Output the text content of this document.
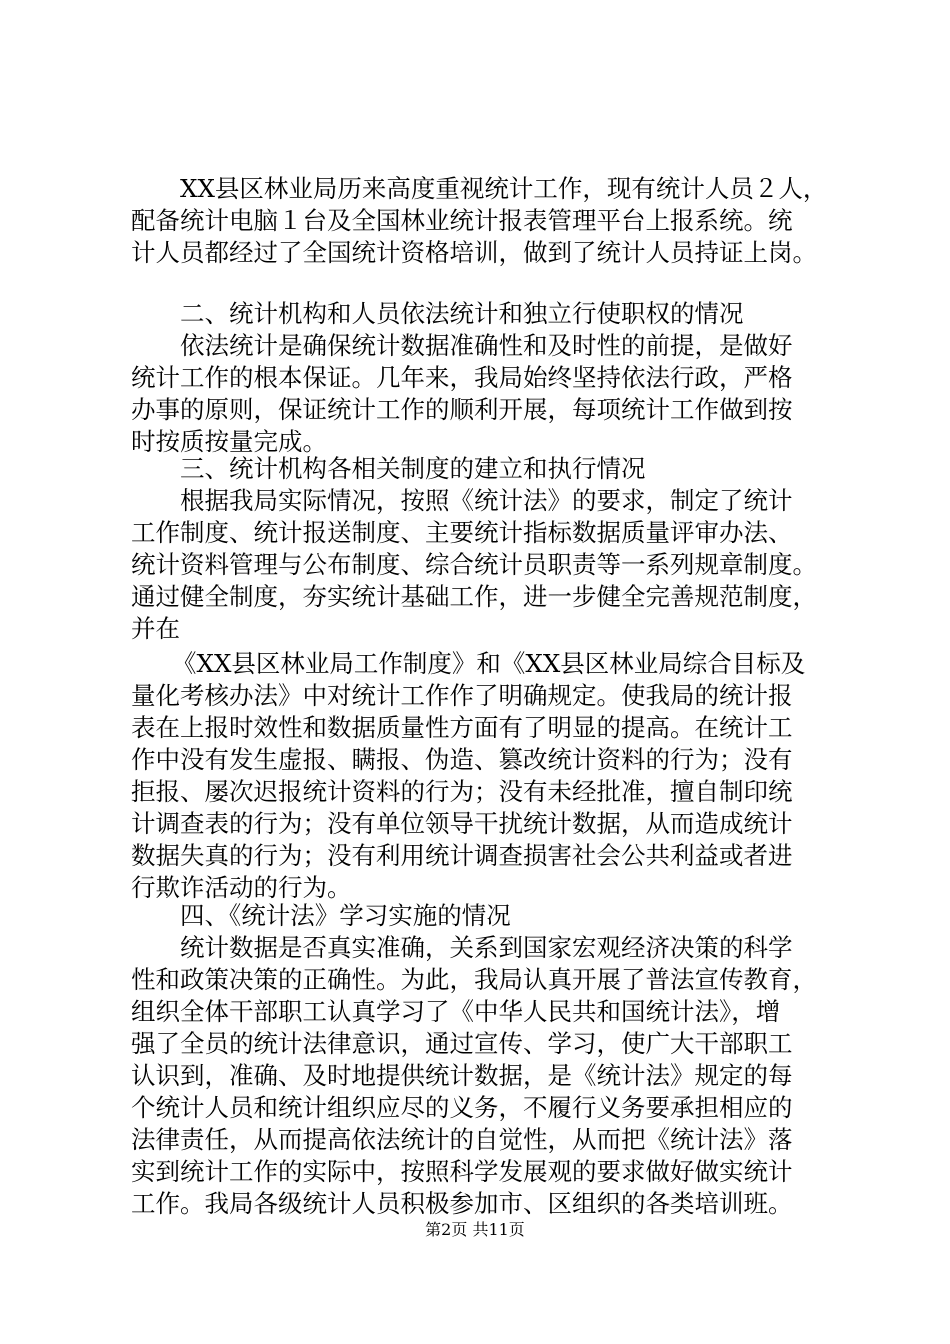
XX县区林业局历来高度重视统计工作，现有统计人员２人，
配备统计电脑１台及全国林业统计报表管理平台上报系统。统
计人员都经过了全国统计资格培训，做到了统计人员持证上岗。
二、统计机构和人员依法统计和独立行使职权的情况
依法统计是确保统计数据准确性和及时性的前提，是做好
统计工作的根本保证。几年来，我局始终坚持依法行政，严格
办事的原则，保证统计工作的顺利开展，每项统计工作做到按
时按质按量完成。
三、统计机构各相关制度的建立和执行情况
根据我局实际情况，按照《统计法》的要求，制定了统计
工作制度、统计报送制度、主要统计指标数据质量评审办法、
统计资料管理与公布制度、综合统计员职责等一系列规章制度。
通过健全制度，夯实统计基础工作，进一步健全完善规范制度，
并在
《XX县区林业局工作制度》和《XX县区林业局综合目标及
量化考核办法》中对统计工作作了明确规定。使我局的统计报
表在上报时效性和数据质量性方面有了明显的提高。在统计工
作中没有发生虚报、瞒报、伪造、篡改统计资料的行为；没有
拒报、屡次迟报统计资料的行为；没有未经批准，擅自制印统
计调查表的行为；没有单位领导干扰统计数据，从而造成统计
数据失真的行为；没有利用统计调查损害社会公共利益或者进
行欺诈活动的行为。
四、《统计法》学习实施的情况
统计数据是否真实准确，关系到国家宏观经济决策的科学
性和政策决策的正确性。为此，我局认真开展了普法宣传教育，
组织全体干部职工认真学习了《中华人民共和国统计法》，增
强了全员的统计法律意识，通过宣传、学习，使广大干部职工
认识到，准确、及时地提供统计数据，是《统计法》规定的每
个统计人员和统计组织应尽的义务，不履行义务要承担相应的
法律责任，从而提高依法统计的自觉性，从而把《统计法》落
实到统计工作的实际中，按照科学发展观的要求做好做实统计
工作。我局各级统计人员积极参加市、区组织的各类培训班。
第2页 共11页
